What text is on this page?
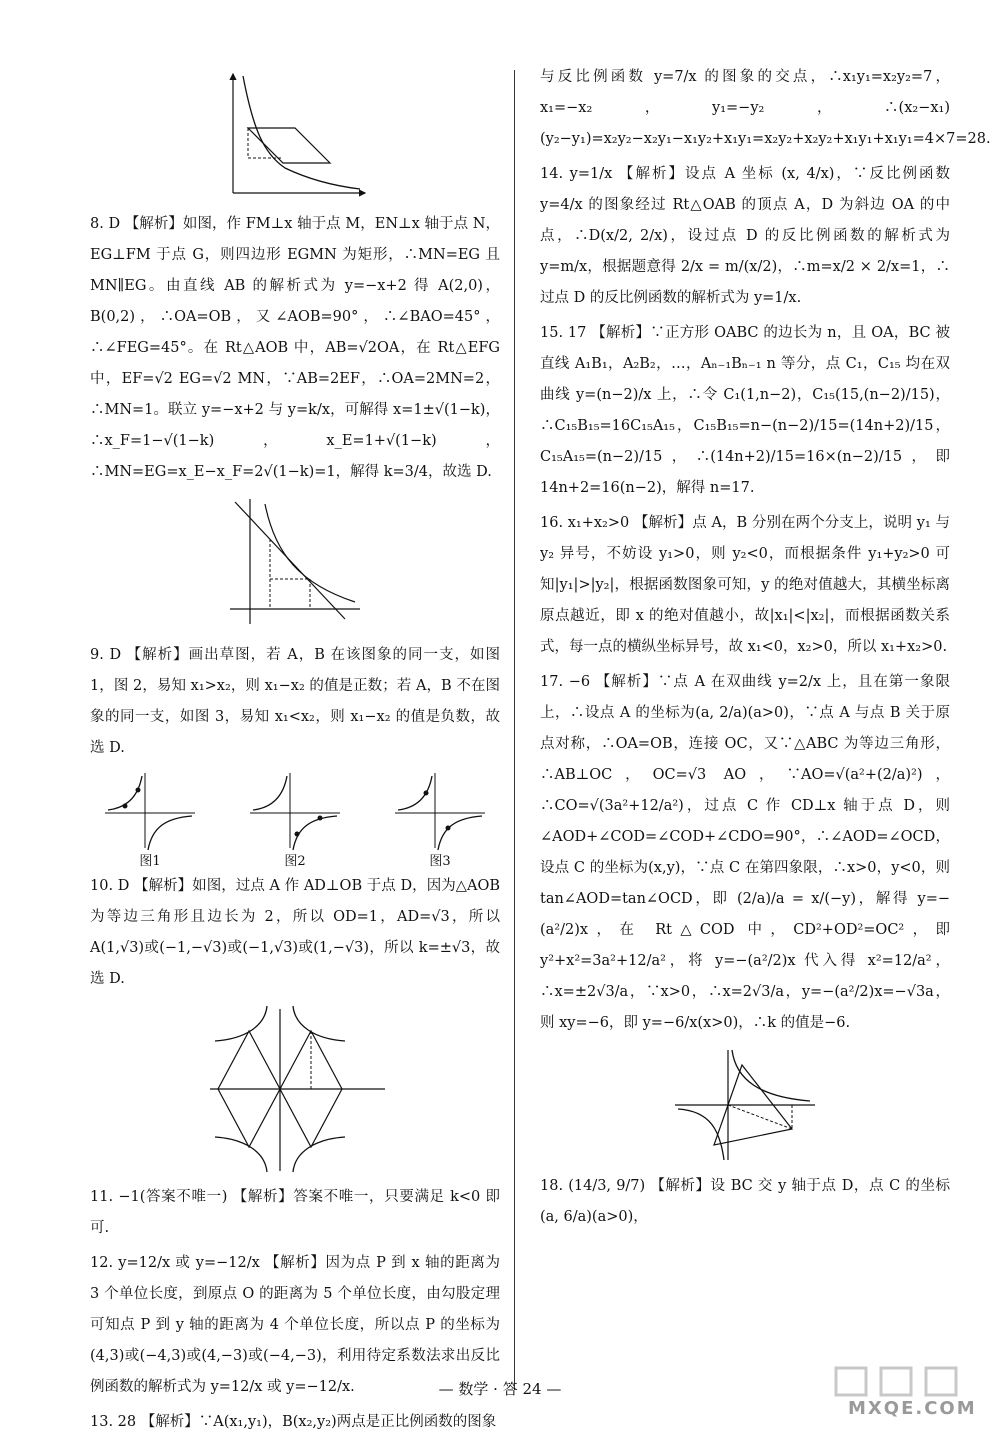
8. D 【解析】如图，作 FM⊥x 轴于点 M，EN⊥x 轴于点 N，EG⊥FM 于点 G，则四边形 EGMN 为矩形，∴MN=EG 且 MN∥EG。由直线 AB 的解析式为 y=−x+2 得 A(2,0)，B(0,2)，∴OA=OB，又∠AOB=90°，∴∠BAO=45°，∴∠FEG=45°。在 Rt△AOB 中，AB=√2OA，在 Rt△EFG 中，EF=√2 EG=√2 MN，∵AB=2EF，∴OA=2MN=2，∴MN=1。联立 y=−x+2 与 y=k/x，可解得 x=1±√(1−k)，∴x_F=1−√(1−k)，x_E=1+√(1−k)，∴MN=EG=x_E−x_F=2√(1−k)=1，解得 k=3/4，故选 D.

9. D 【解析】画出草图，若 A，B 在该图象的同一支，如图 1，图 2，易知 x₁>x₂，则 x₁−x₂ 的值是正数；若 A，B 不在图象的同一支，如图 3，易知 x₁<x₂，则 x₁−x₂ 的值是负数，故选 D.

图1	图2	图3

10. D 【解析】如图，过点 A 作 AD⊥OB 于点 D，因为△AOB 为等边三角形且边长为 2，所以 OD=1，AD=√3，所以 A(1,√3)或(−1,−√3)或(−1,√3)或(1,−√3)，所以 k=±√3，故选 D.

11. −1(答案不唯一) 【解析】答案不唯一，只要满足 k<0 即可.

12. y=12/x 或 y=−12/x 【解析】因为点 P 到 x 轴的距离为 3 个单位长度，到原点 O 的距离为 5 个单位长度，由勾股定理可知点 P 到 y 轴的距离为 4 个单位长度，所以点 P 的坐标为(4,3)或(−4,3)或(4,−3)或(−4,−3)，利用待定系数法求出反比例函数的解析式为 y=12/x 或 y=−12/x.

13. 28 【解析】∵A(x₁,y₁)，B(x₂,y₂)两点是正比例函数的图象

与反比例函数 y=7/x 的图象的交点，∴x₁y₁=x₂y₂=7，x₁=−x₂，y₁=−y₂，∴(x₂−x₁)(y₂−y₁)=x₂y₂−x₂y₁−x₁y₂+x₁y₁=x₂y₂+x₂y₂+x₁y₁+x₁y₁=4×7=28.

14. y=1/x 【解析】设点 A 坐标 (x, 4/x)，∵反比例函数 y=4/x 的图象经过 Rt△OAB 的顶点 A，D 为斜边 OA 的中点，∴D(x/2, 2/x)，设过点 D 的反比例函数的解析式为 y=m/x，根据题意得 2/x = m/(x/2)，∴m=x/2 × 2/x=1，∴过点 D 的反比例函数的解析式为 y=1/x.

15. 17 【解析】∵正方形 OABC 的边长为 n，且 OA，BC 被直线 A₁B₁，A₂B₂，…，Aₙ₋₁Bₙ₋₁ n 等分，点 C₁，C₁₅ 均在双曲线 y=(n−2)/x 上，∴令 C₁(1,n−2)，C₁₅(15,(n−2)/15)，∴C₁₅B₁₅=16C₁₅A₁₅，C₁₅B₁₅=n−(n−2)/15=(14n+2)/15，C₁₅A₁₅=(n−2)/15，∴(14n+2)/15=16×(n−2)/15，即 14n+2=16(n−2)，解得 n=17.

16. x₁+x₂>0 【解析】点 A，B 分别在两个分支上，说明 y₁ 与 y₂ 异号，不妨设 y₁>0，则 y₂<0，而根据条件 y₁+y₂>0 可知|y₁|>|y₂|，根据函数图象可知，y 的绝对值越大，其横坐标离原点越近，即 x 的绝对值越小，故|x₁|<|x₂|，而根据函数关系式，每一点的横纵坐标异号，故 x₁<0，x₂>0，所以 x₁+x₂>0.

17. −6 【解析】∵点 A 在双曲线 y=2/x 上，且在第一象限上，∴设点 A 的坐标为(a, 2/a)(a>0)，∵点 A 与点 B 关于原点对称，∴OA=OB，连接 OC，又∵△ABC 为等边三角形，∴AB⊥OC，OC=√3 AO，∵AO=√(a²+(2/a)²)，∴CO=√(3a²+12/a²)，过点 C 作 CD⊥x 轴于点 D，则∠AOD+∠COD=∠COD+∠CDO=90°，∴∠AOD=∠OCD，设点 C 的坐标为(x,y)，∵点 C 在第四象限，∴x>0，y<0，则 tan∠AOD=tan∠OCD，即 (2/a)/a = x/(−y)，解得 y=−(a²/2)x，在 Rt△COD 中，CD²+OD²=OC²，即 y²+x²=3a²+12/a²，将 y=−(a²/2)x 代入得 x²=12/a²，∴x=±2√3/a，∵x>0，∴x=2√3/a，y=−(a²/2)x=−√3a，则 xy=−6，即 y=−6/x(x>0)，∴k 的值是−6.

18. (14/3, 9/7) 【解析】设 BC 交 y 轴于点 D，点 C 的坐标 (a, 6/a)(a>0)，

— 数学 · 答 24 —
MXQE.COM
